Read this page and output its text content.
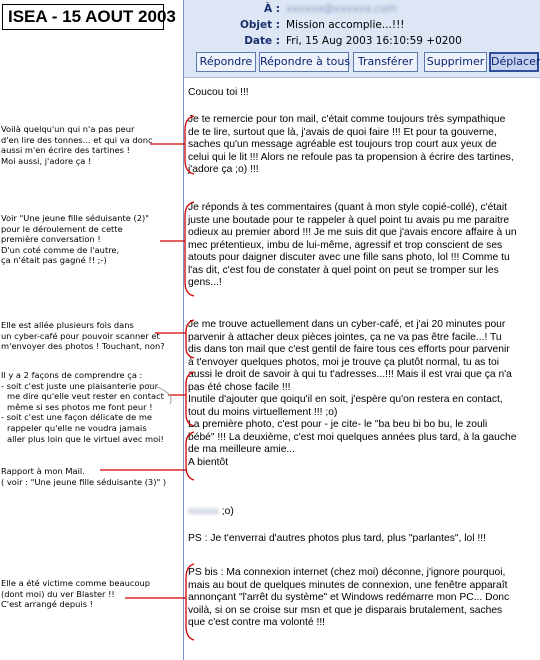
ISEA - 15 AOUT 2003	À : xxxxxx@xxxxxx.com
Objet : Mission accomplie...!!!
Date : Fri, 15 Aug 2003 16:10:59 +0200
Répondre Répondre à tous Transférer	Supprimer Déplacer
Coucou toi !!!
Je te remercie pour ton mail, c'était comme toujours très sympathique
de te lire, surtout que là, j'avais de quoi faire !!! Et pour ta gouverne,
saches qu'un message agréable est toujours trop court aux yeux de
celui qui le lit !!! Alors ne refoule pas ta propension à écrire des tartines,
j'adore ça ;o) !!!
Je réponds à tes commentaires (quant à mon style copié-collé), c'était
juste une boutade pour te rappeler à quel point tu avais pu me paraitre
odieux au premier abord !!! Je me suis dit que j'avais encore affaire à un
mec prétentieux, imbu de lui-même, agressif et trop conscient de ses
atouts pour daigner discuter avec une fille sans photo, lol !!! Comme tu
l'as dit, c'est fou de constater à quel point on peut se tromper sur les
gens...!
Je me trouve actuellement dans un cyber-café, et j'ai 20 minutes pour
parvenir à attacher deux pièces jointes, ça ne va pas être facile...! Tu
dis dans ton mail que c'est gentil de faire tous ces efforts pour parvenir
à t'envoyer quelques photos, moi je trouve ça plutôt normal, tu as toi
aussi le droit de savoir à qui tu t'adresses...!!! Mais il est vrai que ça n'a
pas été chose facile !!!
Inutile d'ajouter que qoiqu'il en soit, j'espère qu'on restera en contact,
tout du moins virtuellement !!! ;o)
La première photo, c'est pour - je cite- le "ba beu bi bo bu, le zouli
bébé" !!! La deuxième, c'est moi quelques années plus tard, à la gauche
de ma meilleure amie...
A bientôt
xxxxxx ;o)
PS : Je t'enverrai d'autres photos plus tard, plus "parlantes", lol !!!
PS bis : Ma connexion internet (chez moi) déconne, j'ignore pourquoi,
mais au bout de quelques minutes de connexion, une fenêtre apparaît
annonçant "l'arrêt du système" et Windows redémarre mon PC... Donc
voilà, si on se croise sur msn et que je disparais brutalement, saches
que c'est contre ma volonté !!!
Voilà quelqu'un qui n'a pas peur
d'en lire des tonnes... et qui va donc
aussi m'en écrire des tartines !
Moi aussi, j'adore ça !
Voir "Une jeune fille séduisante (2)"
pour le déroulement de cette
première conversation !
D'un coté comme de l'autre,
ça n'était pas gagné !! ;-)
Elle est allée plusieurs fois dans
un cyber-café pour pouvoir scanner et
m'envoyer des photos ! Touchant, non?
Il y a 2 façons de comprendre ça :
- soit c'est juste une plaisanterie pour
me dire qu'elle veut rester en contact
même si ses photos me font peur !
- soit c'est une façon délicate de me
rappeler qu'elle ne voudra jamais
aller plus loin que le virtuel avec moi!
Rapport à mon Mail.
( voir : "Une jeune fille séduisante (3)" )
Elle a été victime comme beaucoup
(dont moi) du ver Blaster !!
C'est arrangé depuis !
